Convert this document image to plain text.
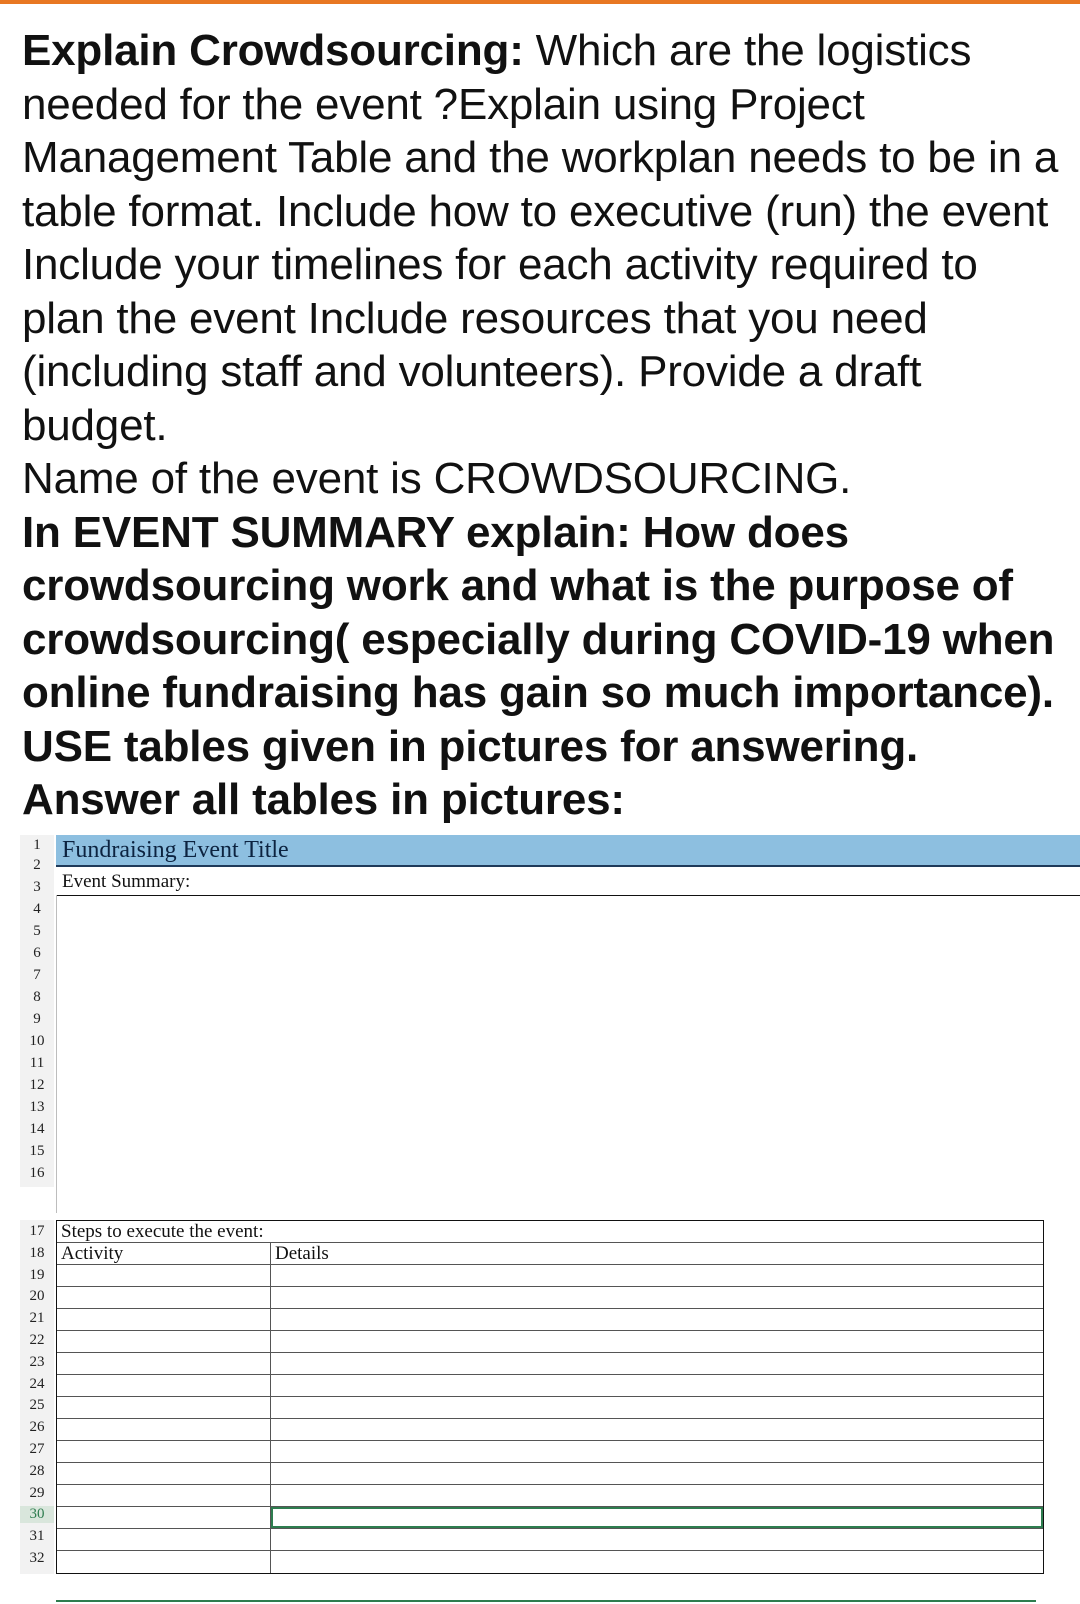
Explain Crowdsourcing: Which are the logistics needed for the event ?Explain using Project Management Table and the workplan needs to be in a table format. Include how to executive (run) the event Include your timelines for each activity required to plan the event Include resources that you need (including staff and volunteers). Provide a draft budget.

Name of the event is CROWDSOURCING.

In EVENT SUMMARY explain: How does crowdsourcing work and what is the purpose of crowdsourcing( especially during COVID-19 when online fundraising has gain so much importance). USE tables given in pictures for answering. Answer all tables in pictures:

1
2
3
4
5
6
7
8
9
10
11
12
13
14
15
16
Fundraising Event Title
Event Summary:
17
18
19
20
21
22
23
24
25
26
27
28
29
30
31
32
Steps to execute the event:
Activity	Details
